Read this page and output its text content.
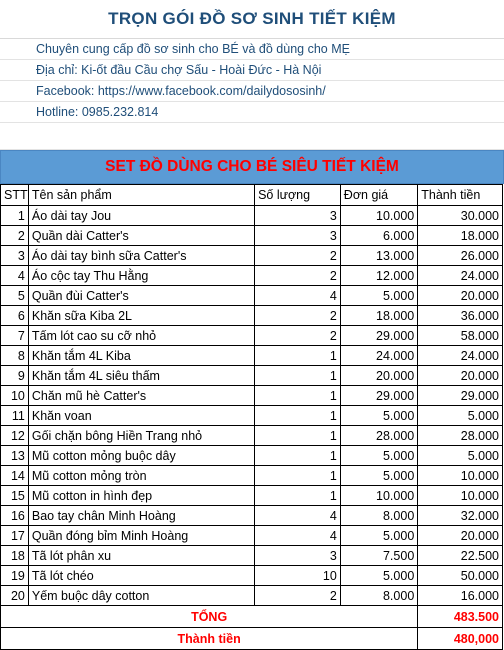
TRỌN GÓI ĐỒ SƠ SINH TIẾT KIỆM
Chuyên cung cấp đồ sơ sinh cho BÉ và đồ dùng cho MẸ
Địa chỉ: Ki-ốt đầu Cầu chợ Sấu - Hoài Đức - Hà Nội
Facebook: https://www.facebook.com/dailydososinh/
Hotline: 0985.232.814
SET ĐỒ DÙNG CHO BÉ SIÊU TIẾT KIỆM
STT	Tên sản phẩm	Số lượng	Đơn giá	Thành tiền
1	Áo dài tay Jou	3	10.000	30.000
2	Quần dài Catter's	3	6.000	18.000
3	Áo dài tay bình sữa Catter's	2	13.000	26.000
4	Áo cộc tay Thu Hằng	2	12.000	24.000
5	Quần đùi Catter's	4	5.000	20.000
6	Khăn sữa Kiba 2L	2	18.000	36.000
7	Tấm lót cao su cỡ nhỏ	2	29.000	58.000
8	Khăn tắm 4L Kiba	1	24.000	24.000
9	Khăn tắm 4L siêu thấm	1	20.000	20.000
10	Chăn mũ hè Catter's	1	29.000	29.000
11	Khăn voan	1	5.000	5.000
12	Gối chặn bông Hiền Trang nhỏ	1	28.000	28.000
13	Mũ cotton mỏng buộc dây	1	5.000	5.000
14	Mũ cotton mỏng tròn	1	5.000	10.000
15	Mũ cotton in hình đẹp	1	10.000	10.000
16	Bao tay chân Minh Hoàng	4	8.000	32.000
17	Quần đóng bỉm Minh Hoàng	4	5.000	20.000
18	Tã lót phân xu	3	7.500	22.500
19	Tã lót chéo	10	5.000	50.000
20	Yếm buộc dây cotton	2	8.000	16.000
TỔNG				483.500
Thành tiền				480,000
